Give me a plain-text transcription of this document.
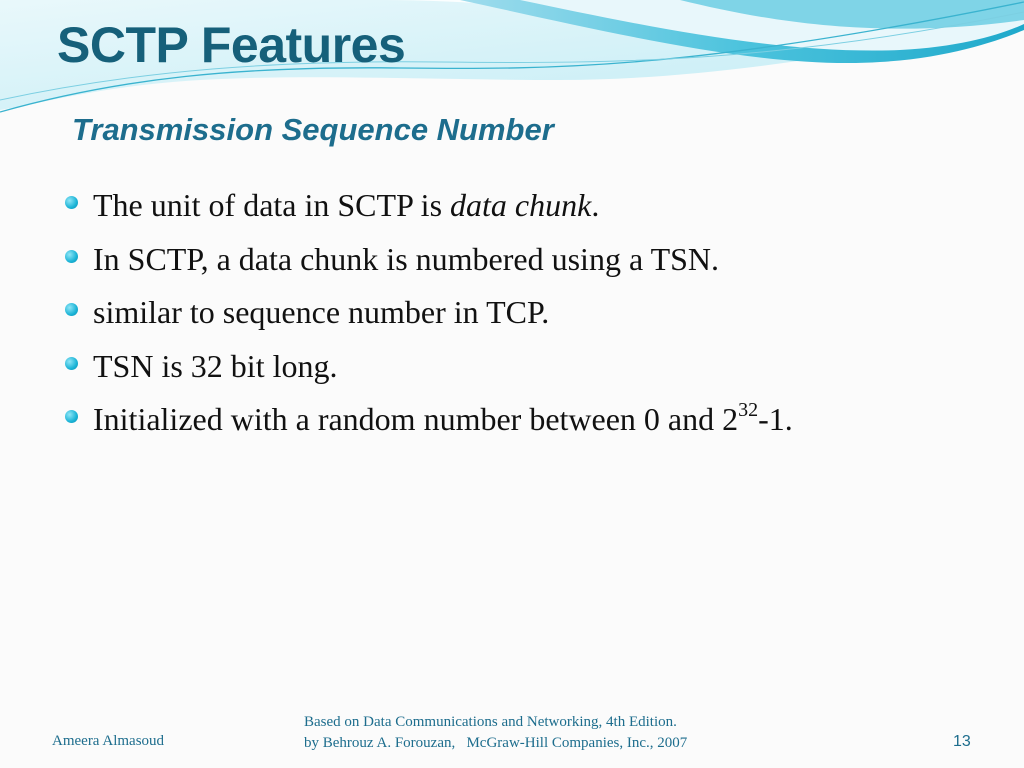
SCTP Features
Transmission Sequence Number
The unit of data in SCTP is data chunk.
In SCTP, a data chunk is numbered using a TSN.
similar to sequence number in TCP.
TSN is 32 bit long.
Initialized with a random number between 0 and $2^{32}-1$.
Ameera Almasoud
Based on Data Communications and Networking, 4th Edition.
by Behrouz A. Forouzan,   McGraw-Hill Companies, Inc., 2007	13
